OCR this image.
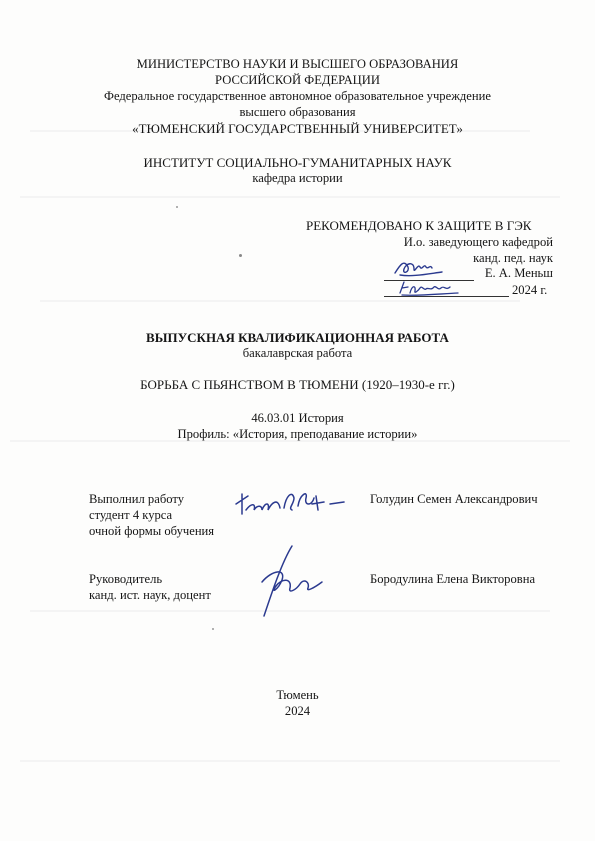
МИНИСТЕРСТВО НАУКИ И ВЫСШЕГО ОБРАЗОВАНИЯ
РОССИЙСКОЙ ФЕДЕРАЦИИ
Федеральное государственное автономное образовательное учреждение
высшего образования
«ТЮМЕНСКИЙ ГОСУДАРСТВЕННЫЙ УНИВЕРСИТЕТ»
ИНСТИТУТ СОЦИАЛЬНО-ГУМАНИТАРНЫХ НАУК
кафедра истории
РЕКОМЕНДОВАНО К ЗАЩИТЕ В ГЭК
И.о. заведующего кафедрой
канд. пед. наук
Е. А. Меньш
2024 г.
ВЫПУСКНАЯ КВАЛИФИКАЦИОННАЯ РАБОТА
бакалаврская работа
БОРЬБА С ПЬЯНСТВОМ В ТЮМЕНИ (1920–1930-е гг.)
46.03.01 История
Профиль: «История, преподавание истории»
Выполнил работу
студент 4 курса
очной формы обучения
Голудин Семен Александрович
Руководитель
канд. ист. наук, доцент
Бородулина Елена Викторовна
Тюмень
2024
